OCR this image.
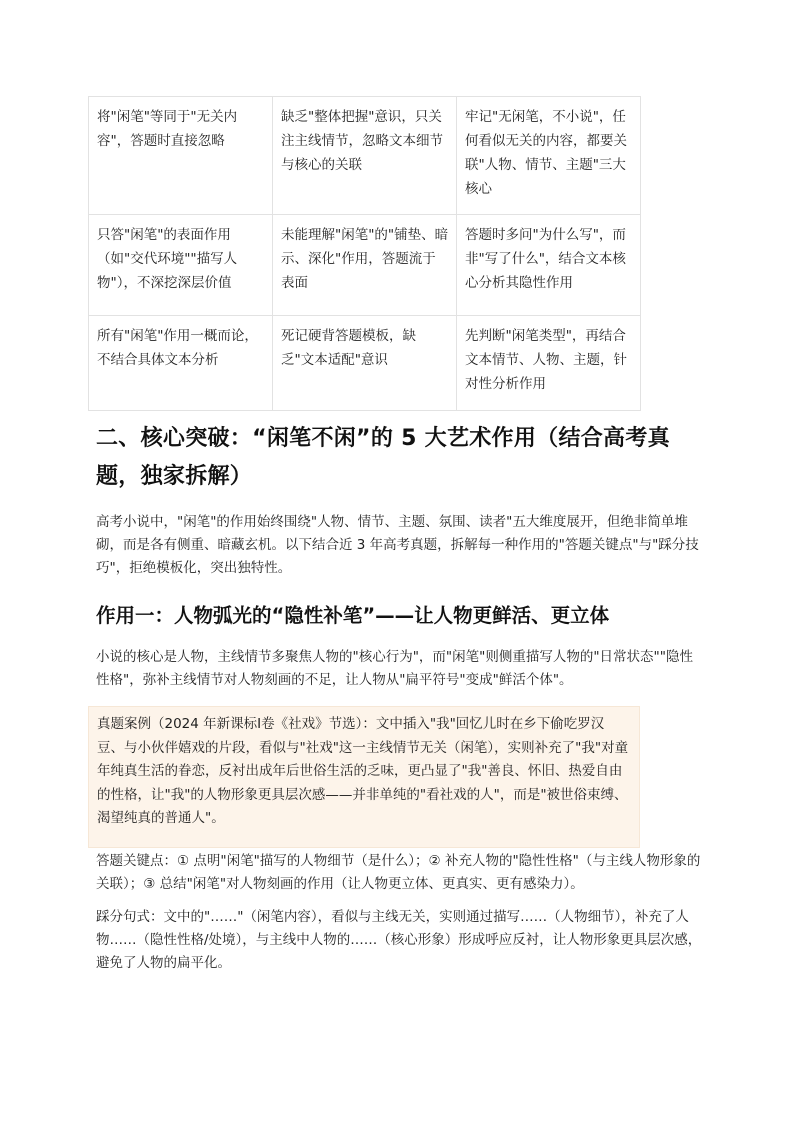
将"闲笔"等同于"无关内容"，答题时直接忽略	缺乏"整体把握"意识，只关注主线情节，忽略文本细节与核心的关联	牢记"无闲笔，不小说"，任何看似无关的内容，都要关联"人物、情节、主题"三大核心
只答"闲笔"的表面作用（如"交代环境""描写人物"），不深挖深层价值	未能理解"闲笔"的"铺垫、暗示、深化"作用，答题流于表面	答题时多问"为什么写"，而非"写了什么"，结合文本核心分析其隐性作用
所有"闲笔"作用一概而论，不结合具体文本分析	死记硬背答题模板，缺乏"文本适配"意识	先判断"闲笔类型"，再结合文本情节、人物、主题，针对性分析作用
二、核心突破：“闲笔不闲”的 5 大艺术作用（结合高考真题，独家拆解）

高考小说中，"闲笔"的作用始终围绕"人物、情节、主题、氛围、读者"五大维度展开，但绝非简单堆砌，而是各有侧重、暗藏玄机。以下结合近 3 年高考真题，拆解每一种作用的"答题关键点"与"踩分技巧"，拒绝模板化，突出独特性。

作用一：人物弧光的“隐性补笔”——让人物更鲜活、更立体

小说的核心是人物，主线情节多聚焦人物的"核心行为"，而"闲笔"则侧重描写人物的"日常状态""隐性性格"，弥补主线情节对人物刻画的不足，让人物从"扁平符号"变成"鲜活个体"。

真题案例（2024 年新课标Ⅰ卷《社戏》节选）：文中插入"我"回忆儿时在乡下偷吃罗汉豆、与小伙伴嬉戏的片段，看似与"社戏"这一主线情节无关（闲笔），实则补充了"我"对童年纯真生活的眷恋，反衬出成年后世俗生活的乏味，更凸显了"我"善良、怀旧、热爱自由的性格，让"我"的人物形象更具层次感——并非单纯的"看社戏的人"，而是"被世俗束缚、渴望纯真的普通人"。

答题关键点：① 点明"闲笔"描写的人物细节（是什么）；② 补充人物的"隐性性格"（与主线人物形象的关联）；③ 总结"闲笔"对人物刻画的作用（让人物更立体、更真实、更有感染力）。

踩分句式：文中的"……"（闲笔内容），看似与主线无关，实则通过描写……（人物细节），补充了人物……（隐性性格/处境），与主线中人物的……（核心形象）形成呼应反衬，让人物形象更具层次感，避免了人物的扁平化。
